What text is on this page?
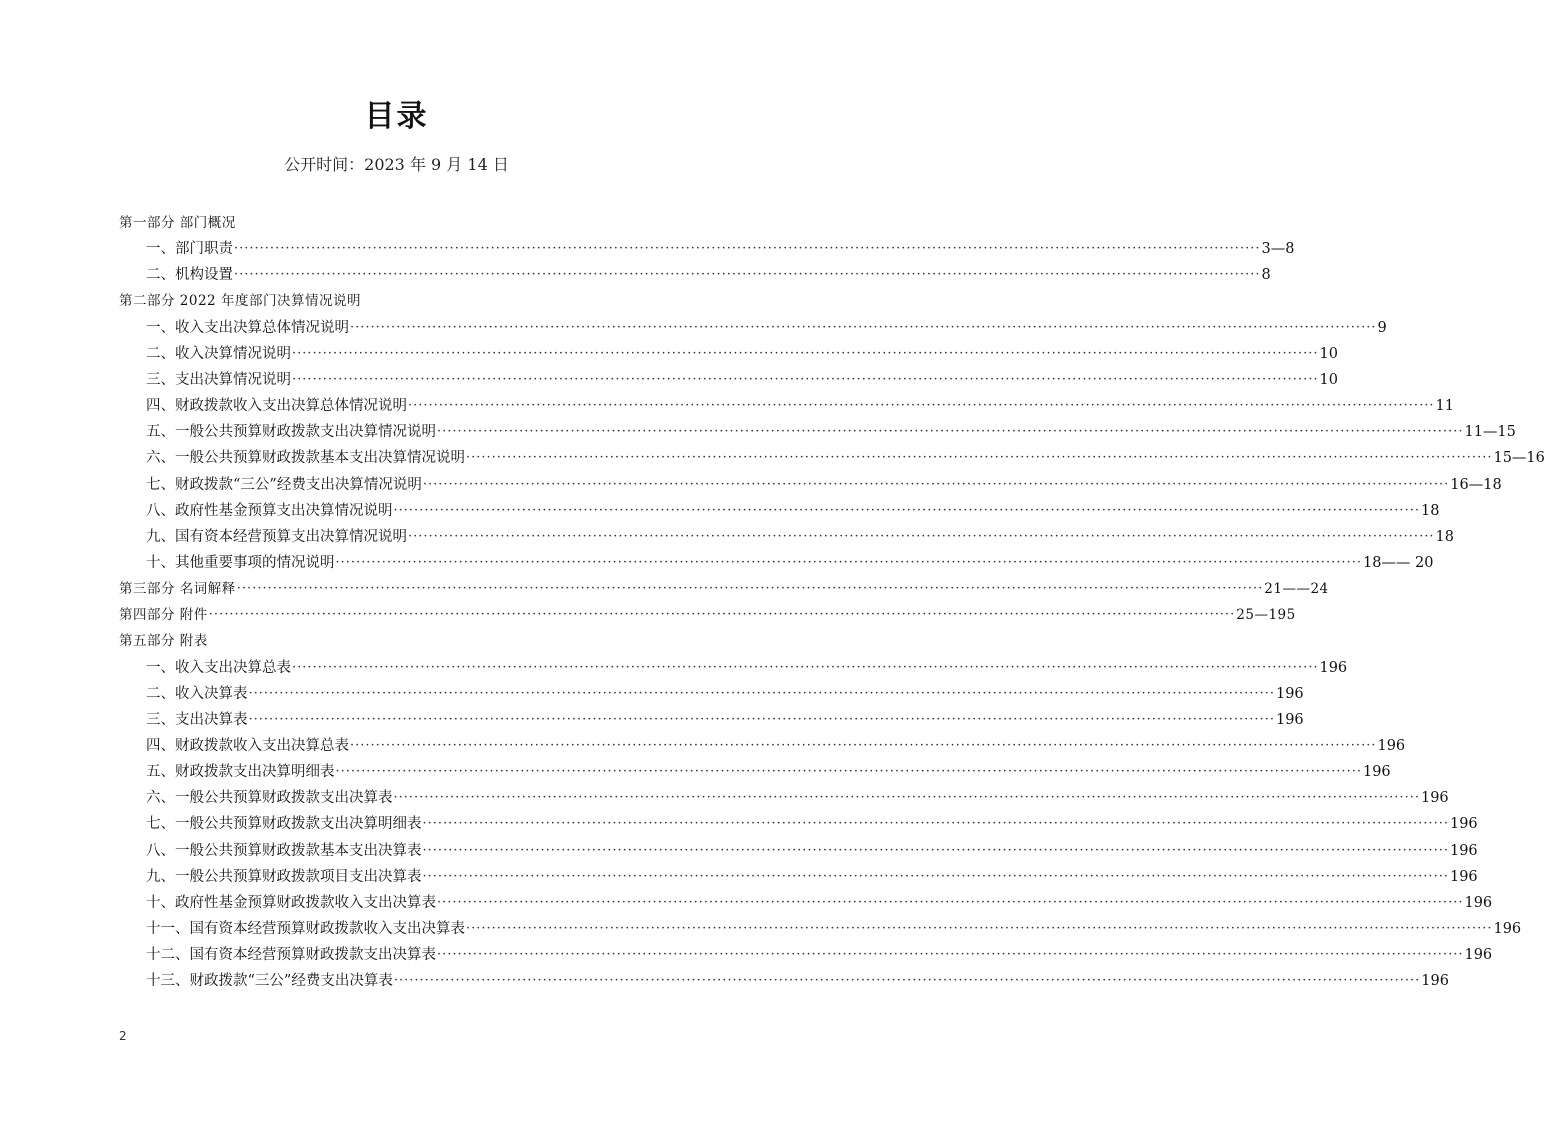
目录
公开时间：2023 年 9 月 14 日
第一部分 部门概况
一、部门职责 ········································································································································································································ 3—8
二、机构设置 ········································································································································································································ 8
第二部分 2022 年度部门决算情况说明
一、收入支出决算总体情况说明 ········································································································································································································ 9
二、收入决算情况说明 ········································································································································································································ 10
三、支出决算情况说明 ········································································································································································································ 10
四、财政拨款收入支出决算总体情况说明 ········································································································································································································ 11
五、一般公共预算财政拨款支出决算情况说明 ········································································································································································································ 11—15
六、一般公共预算财政拨款基本支出决算情况说明 ········································································································································································································ 15—16
七、财政拨款“三公”经费支出决算情况说明 ········································································································································································································ 16—18
八、政府性基金预算支出决算情况说明 ········································································································································································································ 18
九、国有资本经营预算支出决算情况说明 ········································································································································································································ 18
十、其他重要事项的情况说明 ········································································································································································································ 18—— 20
第三部分 名词解释 ········································································································································································································ 21——24
第四部分 附件 ········································································································································································································ 25—195
第五部分 附表
一、收入支出决算总表 ········································································································································································································ 196
二、收入决算表 ········································································································································································································ 196
三、支出决算表 ········································································································································································································ 196
四、财政拨款收入支出决算总表 ········································································································································································································ 196
五、财政拨款支出决算明细表 ········································································································································································································ 196
六、一般公共预算财政拨款支出决算表 ········································································································································································································ 196
七、一般公共预算财政拨款支出决算明细表 ········································································································································································································ 196
八、一般公共预算财政拨款基本支出决算表 ········································································································································································································ 196
九、一般公共预算财政拨款项目支出决算表 ········································································································································································································ 196
十、政府性基金预算财政拨款收入支出决算表 ········································································································································································································ 196
十一、国有资本经营预算财政拨款收入支出决算表 ········································································································································································································ 196
十二、国有资本经营预算财政拨款支出决算表 ········································································································································································································ 196
十三、财政拨款“三公”经费支出决算表 ········································································································································································································ 196
2
